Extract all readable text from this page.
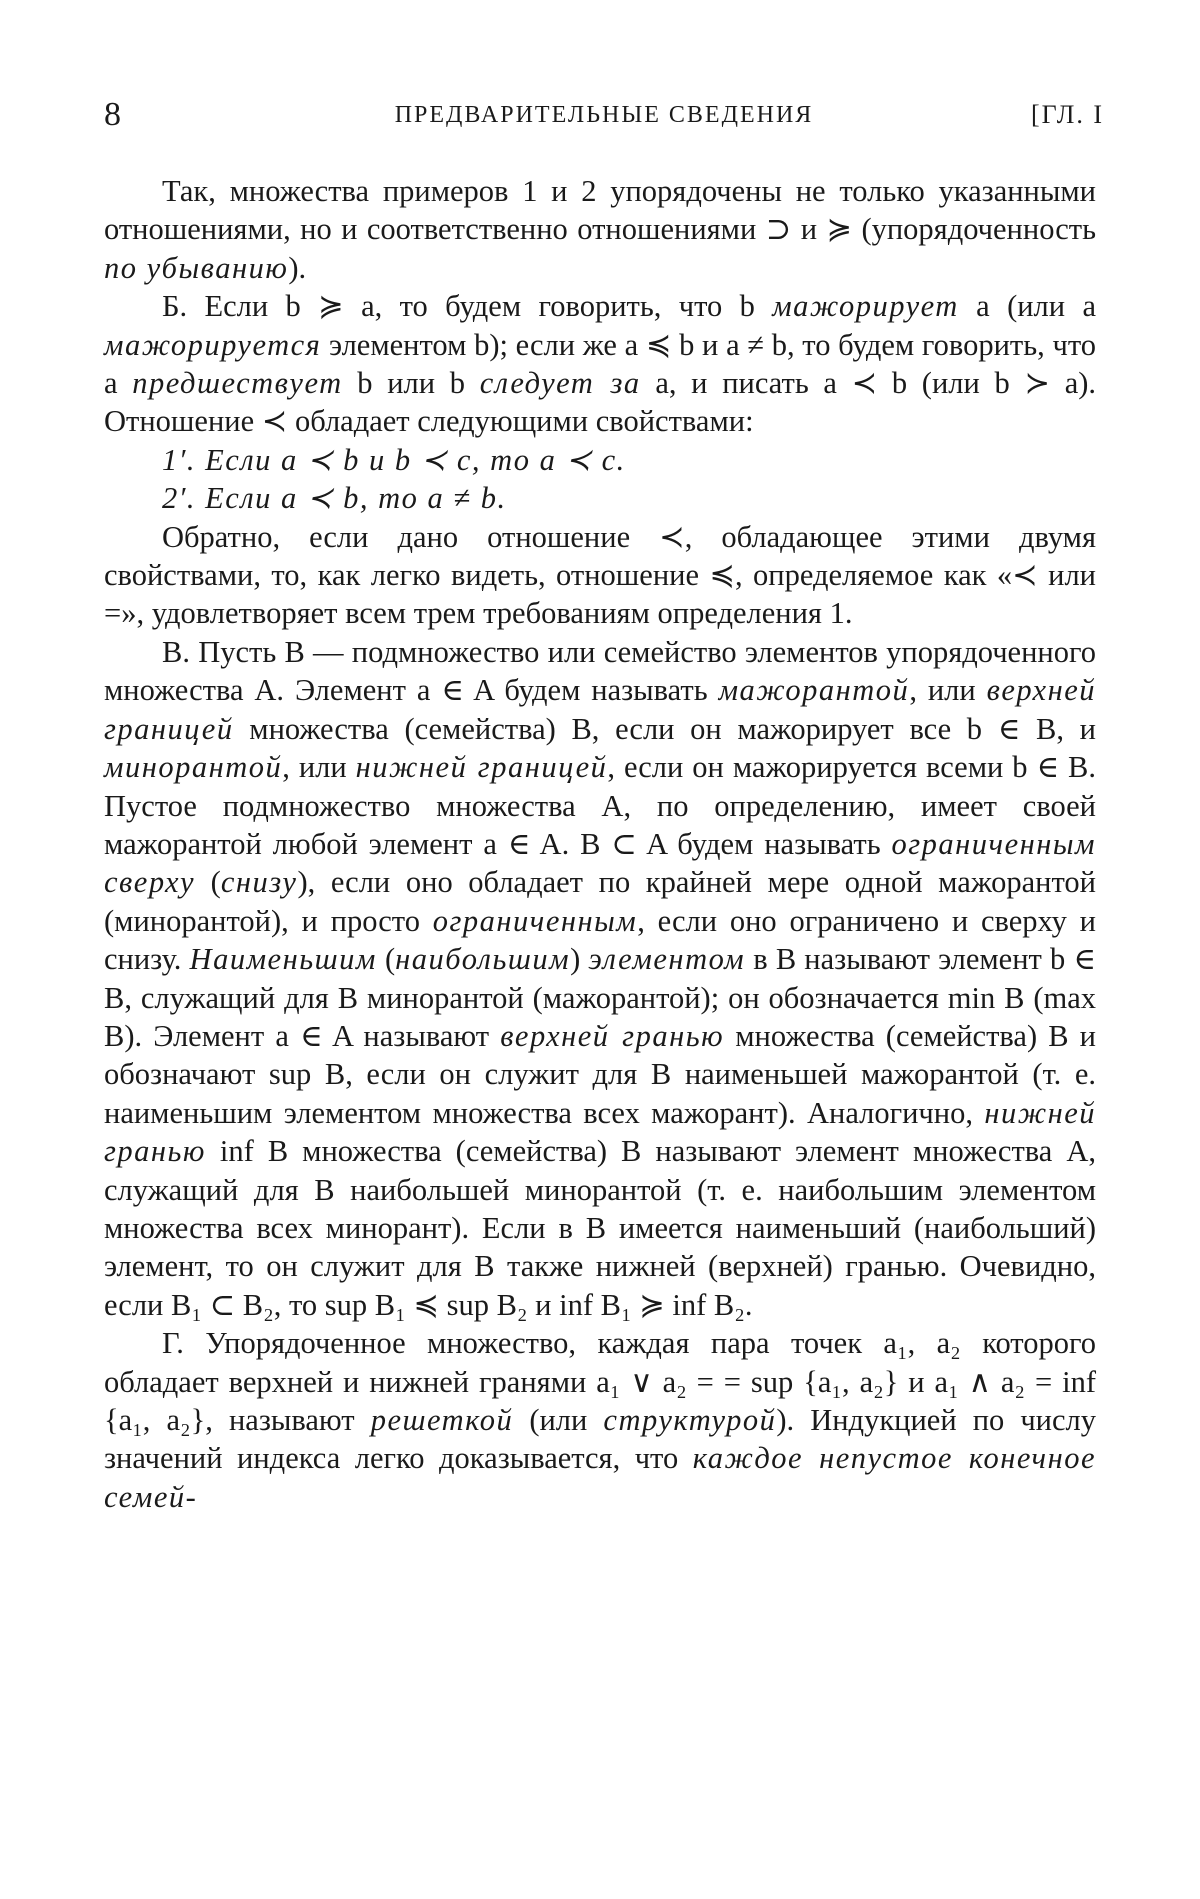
8	ПРЕДВАРИТЕЛЬНЫЕ СВЕДЕНИЯ	[ГЛ. I

Так, множества примеров 1 и 2 упорядочены не только указанными отношениями, но и соответственно отношениями ⊃ и ≽ (упорядоченность по убыванию).

Б. Если b ≽ a, то будем говорить, что b мажорирует a (или a мажорируется элементом b); если же a ≼ b и a ≠ b, то будем говорить, что a предшествует b или b следует за a, и писать a ≺ b (или b ≻ a). Отношение ≺ обладает следующими свойствами:

1′. Если a ≺ b и b ≺ c, то a ≺ c.

2′. Если a ≺ b, то a ≠ b.

Обратно, если дано отношение ≺, обладающее этими двумя свойствами, то, как легко видеть, отношение ≼, определяемое как «≺ или =», удовлетворяет всем трем требованиям определения 1.

В. Пусть B — подмножество или семейство элементов упорядоченного множества A. Элемент a ∈ A будем называть мажорантой, или верхней границей множества (семейства) B, если он мажорирует все b ∈ B, и минорантой, или нижней границей, если он мажорируется всеми b ∈ B. Пустое подмножество множества A, по определению, имеет своей мажорантой любой элемент a ∈ A. B ⊂ A будем называть ограниченным сверху (снизу), если оно обладает по крайней мере одной мажорантой (минорантой), и просто ограниченным, если оно ограничено и сверху и снизу. Наименьшим (наибольшим) элементом в B называют элемент b ∈ B, служащий для B минорантой (мажорантой); он обозначается min B (max B). Элемент a ∈ A называют верхней гранью множества (семейства) B и обозначают sup B, если он служит для B наименьшей мажорантой (т. е. наименьшим элементом множества всех мажорант). Аналогично, нижней гранью inf B множества (семейства) B называют элемент множества A, служащий для B наибольшей минорантой (т. е. наибольшим элементом множества всех минорант). Если в B имеется наименьший (наибольший) элемент, то он служит для B также нижней (верхней) гранью. Очевидно, если B₁ ⊂ B₂, то sup B₁ ≼ sup B₂ и inf B₁ ≽ inf B₂.

Г. Упорядоченное множество, каждая пара точек a₁, a₂ которого обладает верхней и нижней гранями a₁ ∨ a₂ = = sup {a₁, a₂} и a₁ ∧ a₂ = inf {a₁, a₂}, называют решеткой (или структурой). Индукцией по числу значений индекса легко доказывается, что каждое непустое конечное семей-
